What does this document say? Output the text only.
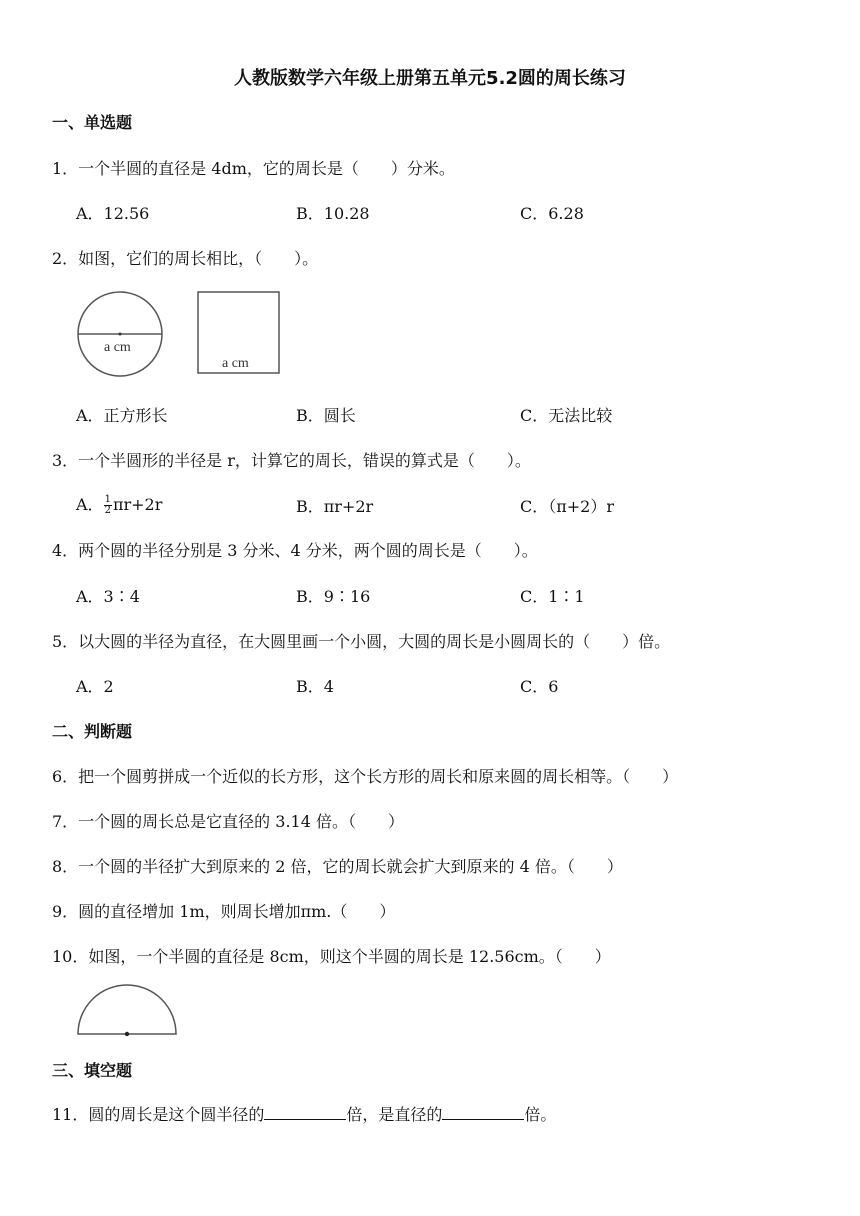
人教版数学六年级上册第五单元5.2圆的周长练习
一、单选题
1．一个半圆的直径是 4dm，它的周长是（　　）分米。
A．12.56	B．10.28	C．6.28
2．如图，它们的周长相比，（　　）。
a cm
a cm
A．正方形长	B．圆长	C．无法比较
3．一个半圆形的半径是 r，计算它的周长，错误的算式是（　　）。
A． $\frac{1}{2} \pi r+2r$	B．πr+2r	C．（π+2）r
4．两个圆的半径分别是 3 分米、4 分米，两个圆的周长是（　　）。
A．3∶4	B．9∶16	C．1∶1
5．以大圆的半径为直径，在大圆里画一个小圆，大圆的周长是小圆周长的（　　）倍。
A．2	B．4	C．6
二、判断题
6．把一个圆剪拼成一个近似的长方形，这个长方形的周长和原来圆的周长相等。（　　）
7．一个圆的周长总是它直径的 3.14 倍。（　　）
8．一个圆的半径扩大到原来的 2 倍，它的周长就会扩大到原来的 4 倍。（　　）
9．圆的直径增加 1m，则周长增加πm.（　　）
10．如图，一个半圆的直径是 8cm，则这个半圆的周长是 12.56cm。（　　）
三、填空题
11．圆的周长是这个圆半径的	倍，是直径的	倍。
